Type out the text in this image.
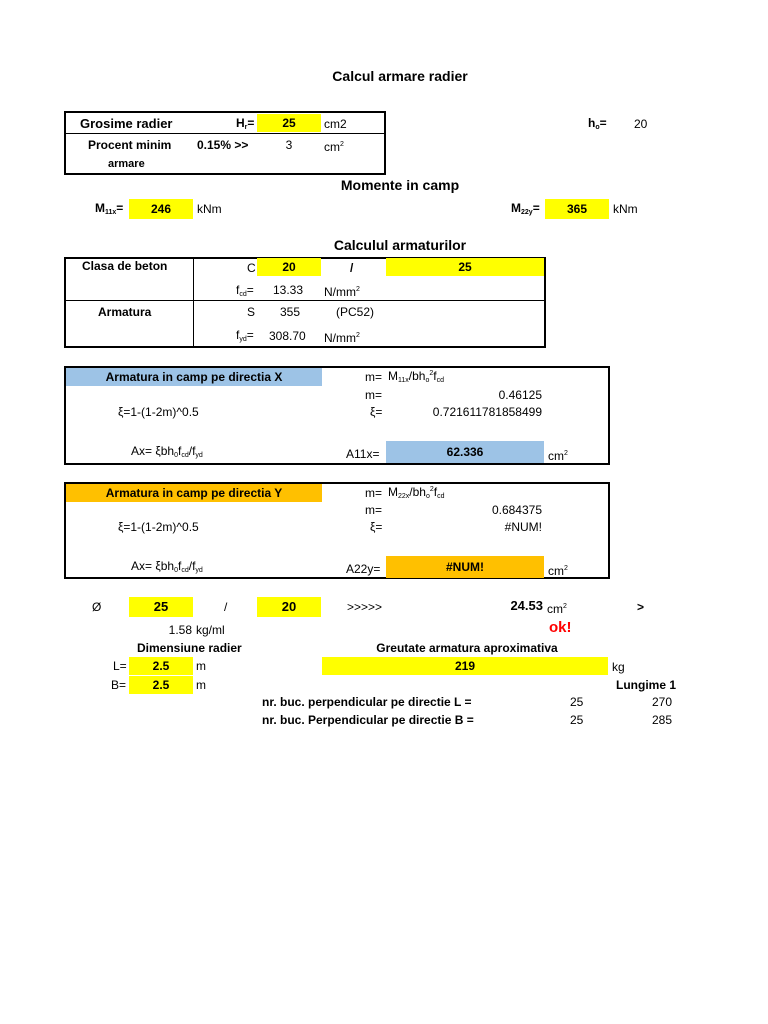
Calcul armare radier
Grosime radier	$H_r=$	25	cm2
Procent minim
armare
0.15% >>	3	$cm^2$
$h_o= 20$
Momente in camp
$M_{11x}=$	246	kNm	$M_{22y}=$	365	kNm
Calculul armaturilor
Clasa de beton	C	20	/	25
$f_{cd}= 13.33$ $N/mm^2$
Armatura	S 355	(PC52)
$f_{yd}= 308.70$ $N/mm^2$
Armatura in camp pe directia X	$m= M_{11x}/bh_o^2f_{cd}$
m=	0.46125
ξ=1-(1-2m)^0.5	ξ=	0.721611781858499
$Ax= \xi bh_0f_{cd}/f_{yd}$	A11x=	62.336	$cm^2$
Armatura in camp pe directia Y	$m= M_{22x}/bh_o^2f_{cd}$
m=	0.684375
ξ=1-(1-2m)^0.5	ξ=	#NUM!
$Ax= \xi bh_0f_{cd}/f_{yd}$	A22y=	#NUM!	$cm^2$
Ø	25	/	20	>>>>>	24.53 $cm^2$	>
1.58 kg/ml	ok!
Dimensiune radier
L=	2.5	m
B=	2.5	m
Greutate armatura aproximativa
219	kg
Lungime 1
nr. buc. perpendicular pe directie L =	25	270
nr. buc. Perpendicular pe directie B =	25	285
